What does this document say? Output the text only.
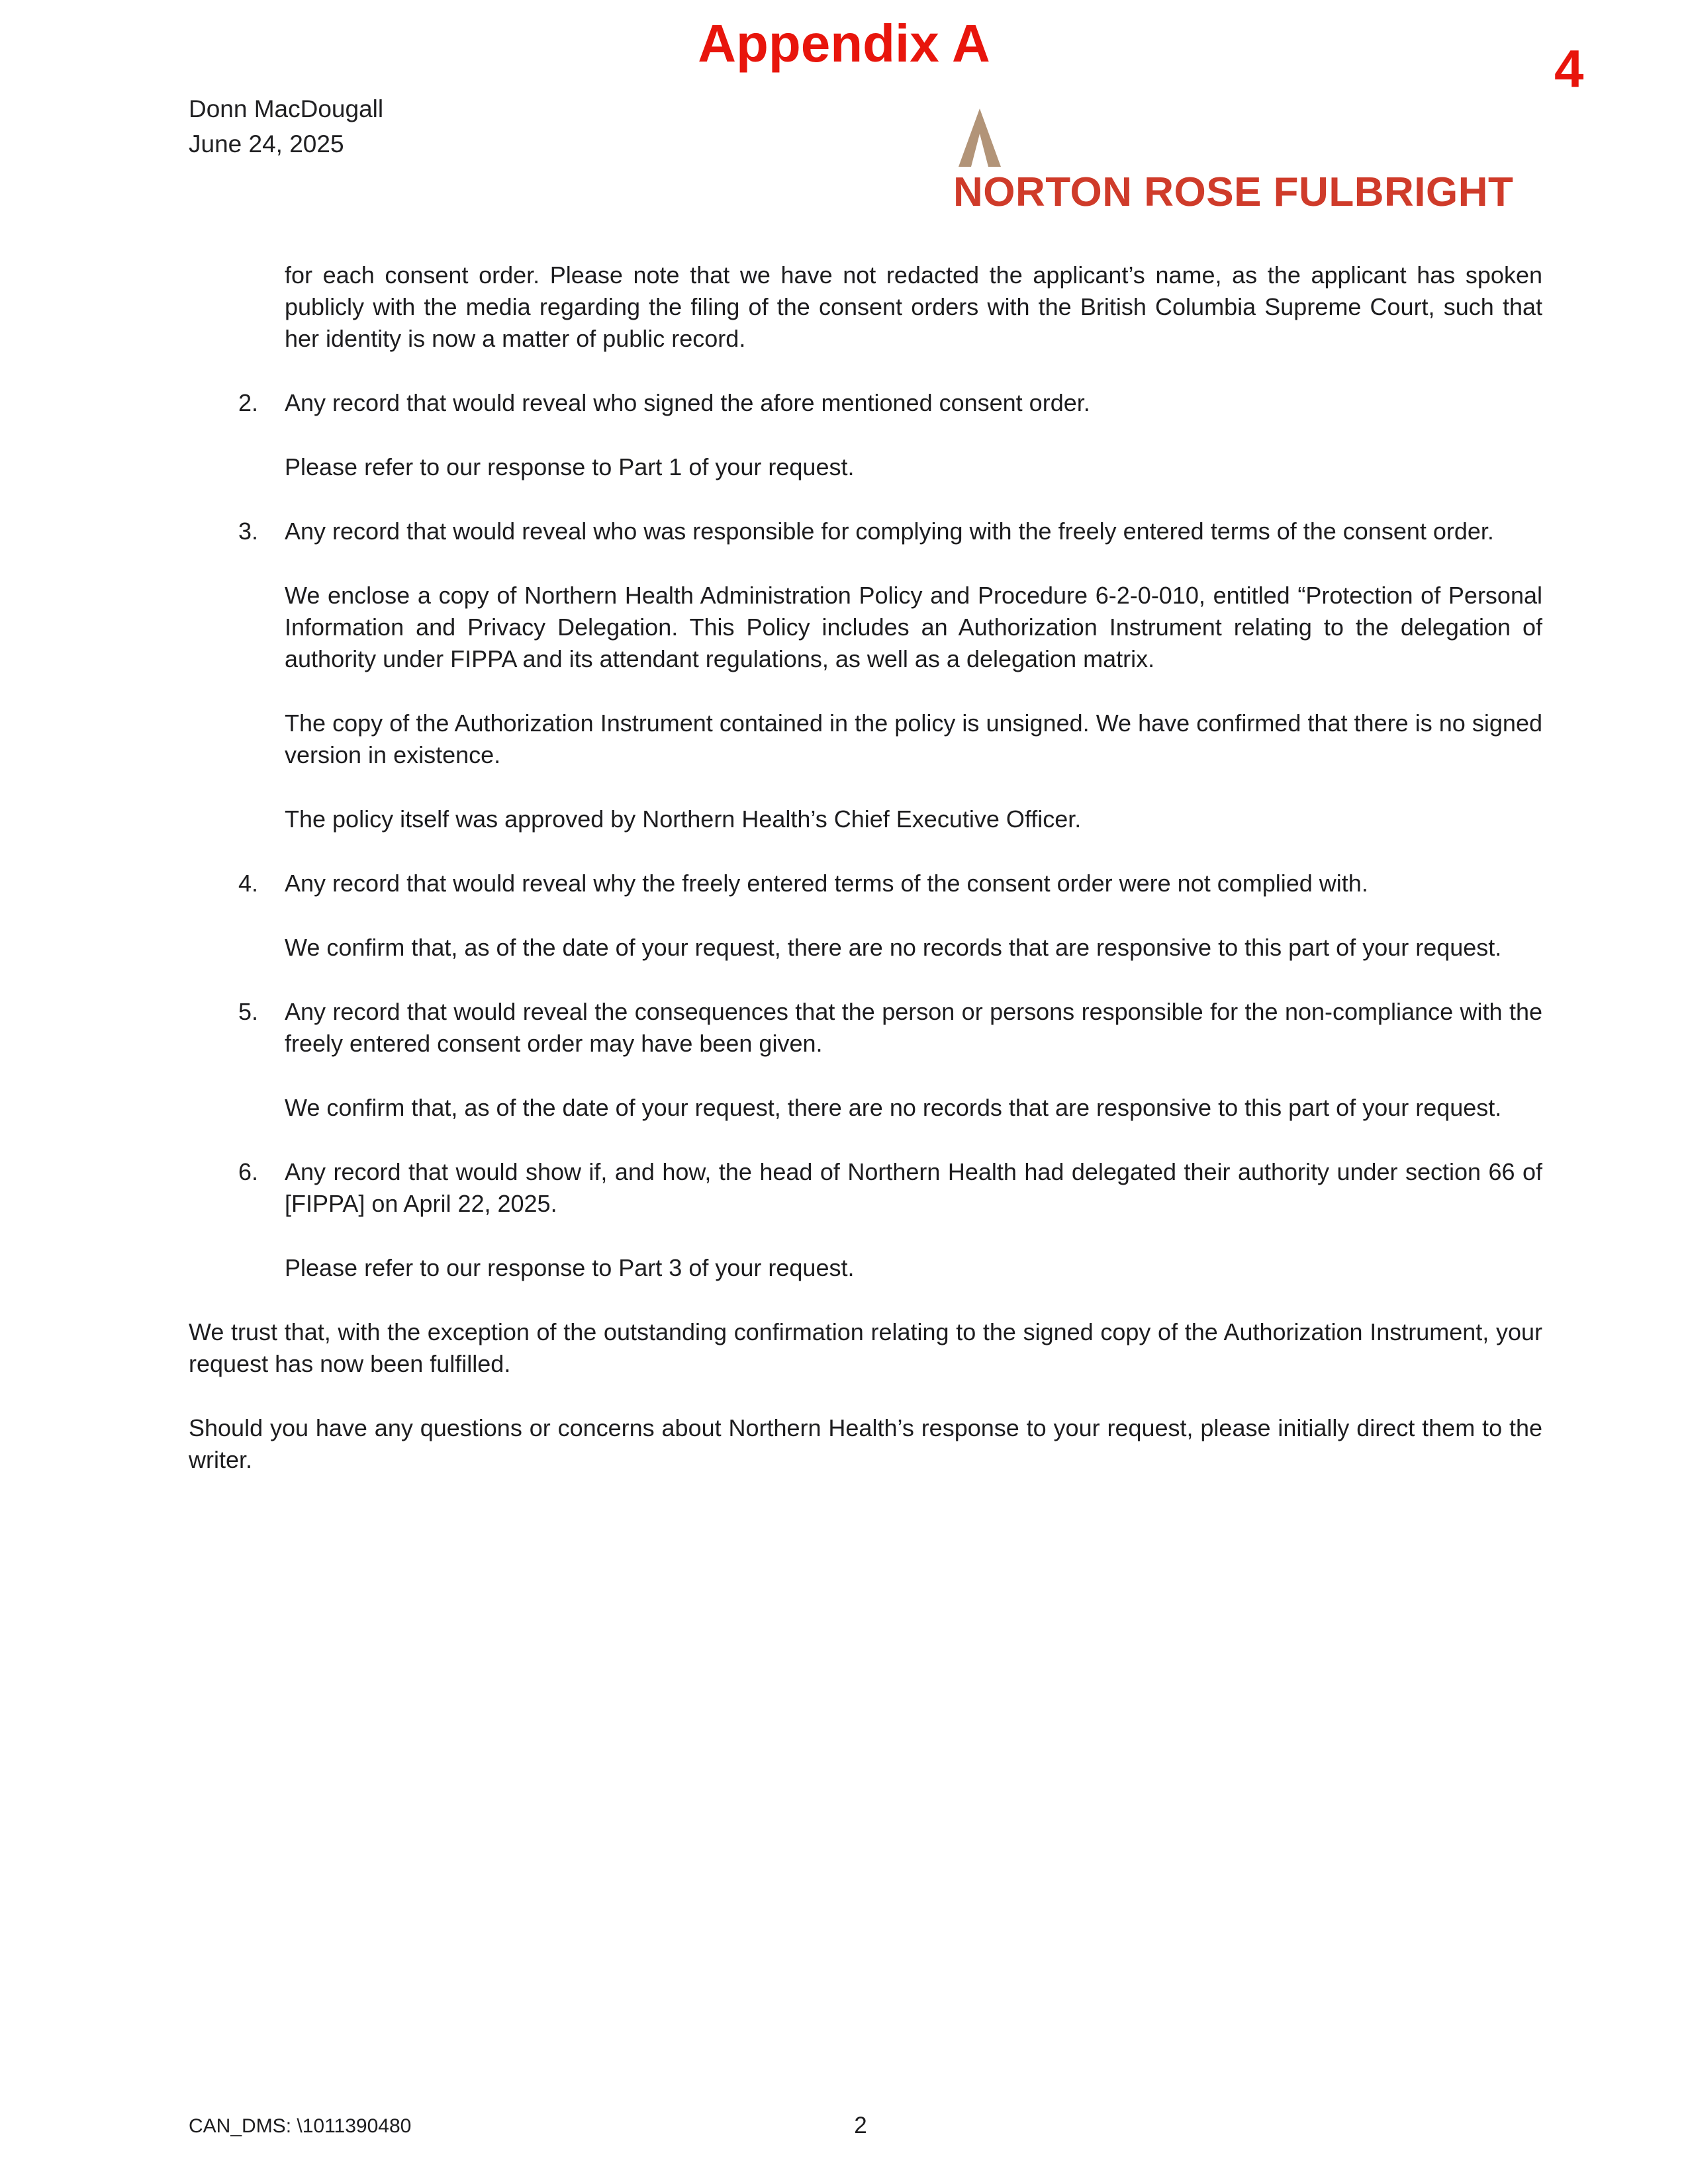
Appendix A	4
Donn MacDougall
June 24, 2025
NORTON ROSE FULBRIGHT

for each consent order. Please note that we have not redacted the applicant’s name, as the applicant has spoken publicly with the media regarding the filing of the consent orders with the British Columbia Supreme Court, such that her identity is now a matter of public record.

2. Any record that would reveal who signed the afore mentioned consent order.

Please refer to our response to Part 1 of your request.

3. Any record that would reveal who was responsible for complying with the freely entered terms of the consent order.

We enclose a copy of Northern Health Administration Policy and Procedure 6-2-0-010, entitled “Protection of Personal Information and Privacy Delegation. This Policy includes an Authorization Instrument relating to the delegation of authority under FIPPA and its attendant regulations, as well as a delegation matrix.

The copy of the Authorization Instrument contained in the policy is unsigned. We have confirmed that there is no signed version in existence.

The policy itself was approved by Northern Health’s Chief Executive Officer.

4. Any record that would reveal why the freely entered terms of the consent order were not complied with.

We confirm that, as of the date of your request, there are no records that are responsive to this part of your request.

5. Any record that would reveal the consequences that the person or persons responsible for the non-compliance with the freely entered consent order may have been given.

We confirm that, as of the date of your request, there are no records that are responsive to this part of your request.

6. Any record that would show if, and how, the head of Northern Health had delegated their authority under section 66 of [FIPPA] on April 22, 2025.

Please refer to our response to Part 3 of your request.

We trust that, with the exception of the outstanding confirmation relating to the signed copy of the Authorization Instrument, your request has now been fulfilled.

Should you have any questions or concerns about Northern Health’s response to your request, please initially direct them to the writer.

CAN_DMS: \1011390480	2
